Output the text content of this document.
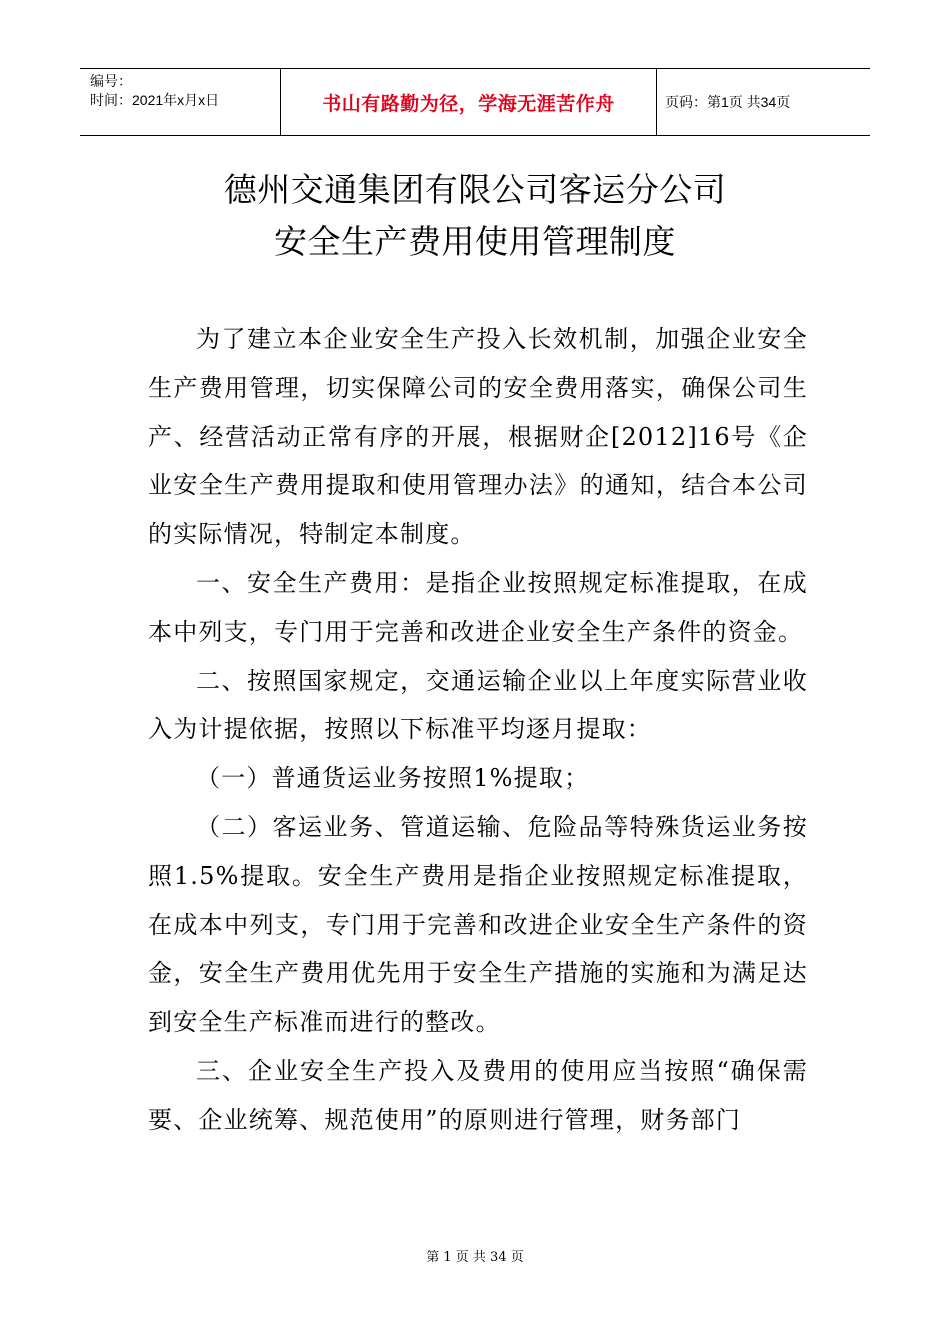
编号：
时间：2021年x月x日	书山有路勤为径，学海无涯苦作舟	页码：第1页 共34页
德州交通集团有限公司客运分公司
安全生产费用使用管理制度

为了建立本企业安全生产投入长效机制，加强企业安全生产费用管理，切实保障公司的安全费用落实，确保公司生产、经营活动正常有序的开展，根据财企[2012]16号《企业安全生产费用提取和使用管理办法》的通知，结合本公司的实际情况，特制定本制度。

一、安全生产费用：是指企业按照规定标准提取，在成本中列支，专门用于完善和改进企业安全生产条件的资金。

二、按照国家规定，交通运输企业以上年度实际营业收入为计提依据，按照以下标准平均逐月提取：

（一）普通货运业务按照1%提取；

（二）客运业务、管道运输、危险品等特殊货运业务按照1.5%提取。安全生产费用是指企业按照规定标准提取，在成本中列支，专门用于完善和改进企业安全生产条件的资金，安全生产费用优先用于安全生产措施的实施和为满足达到安全生产标准而进行的整改。

三、企业安全生产投入及费用的使用应当按照“确保需要、企业统筹、规范使用”的原则进行管理，财务部门

第 1 页 共 34 页
